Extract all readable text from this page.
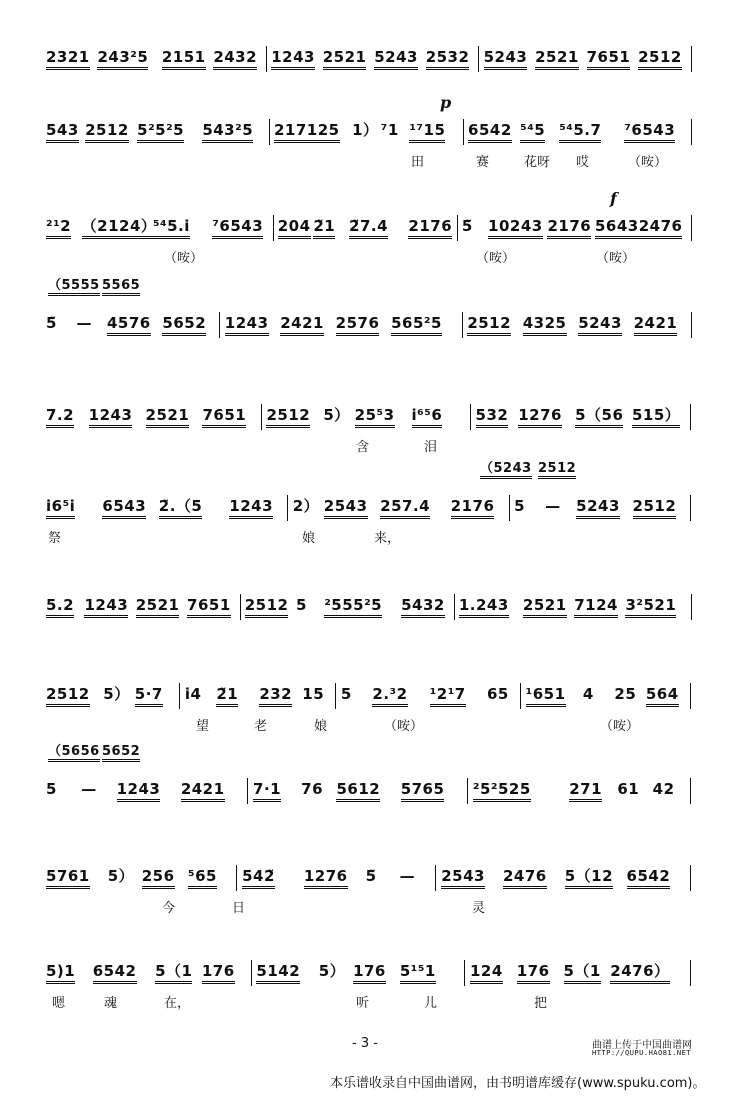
2321 243²5 2151 2432 1243 2521 5243 2532 5243 2521 7651 2512
543 2512 5²5²5 543²5 217125 1） ⁷1 ¹⁷15 6542 ⁵⁴5 ⁵⁴5.7 ⁷6543
p
田	赛	花呀 哎	（咹）
²¹2 （2124）
⁵⁴5.i ⁷6543 204 2̃1 2̃7.4 2176 5̃ 10243 2176 56432476
f
（咹）	（咹）	（咹）
5̃ — 4576 5652 1243 2421 2576 565²5 2512 4325 5243 2421
（5555 5565
7.2 1243 2521 7651 2512 5） 25⁵3 i⁶⁵6 532 1276 5（56 515）
含	泪
i6⁵i 6543 2̃.（5 1243 2） 2543 257.4 2176 5 — 5243 2512
（5243 2512
祭	娘	来，
5.2 1243 2521 7651 2512 5 ²555²5 5432 1.243 2521 7124 3²521
2512 5） 5·7 i4 2̃1 232 15 5 2.³2 ¹2¹7 65 ¹651 4 25 564
望	老	娘	（咹）	（咹）
5 — 1243 2421 7·1 76 5612 5765 ²5²525	271 61 42
（5656 5652
5761 5） 256 ⁵65 542̃ 1276 5̃ — 2543 2476 5（12 6542
今	日	灵
5)1 6542 5（1 176 5142 5） 176 5¹⁵1 124 176 5（1 2476）
嗯	魂	在，	听	儿	把
- 3 -	曲谱上传于中国曲谱网
HTTP://QUPU.HAO81.NET
本乐谱收录自中国曲谱网，由书明谱库缓存(www.spuku.com)。
